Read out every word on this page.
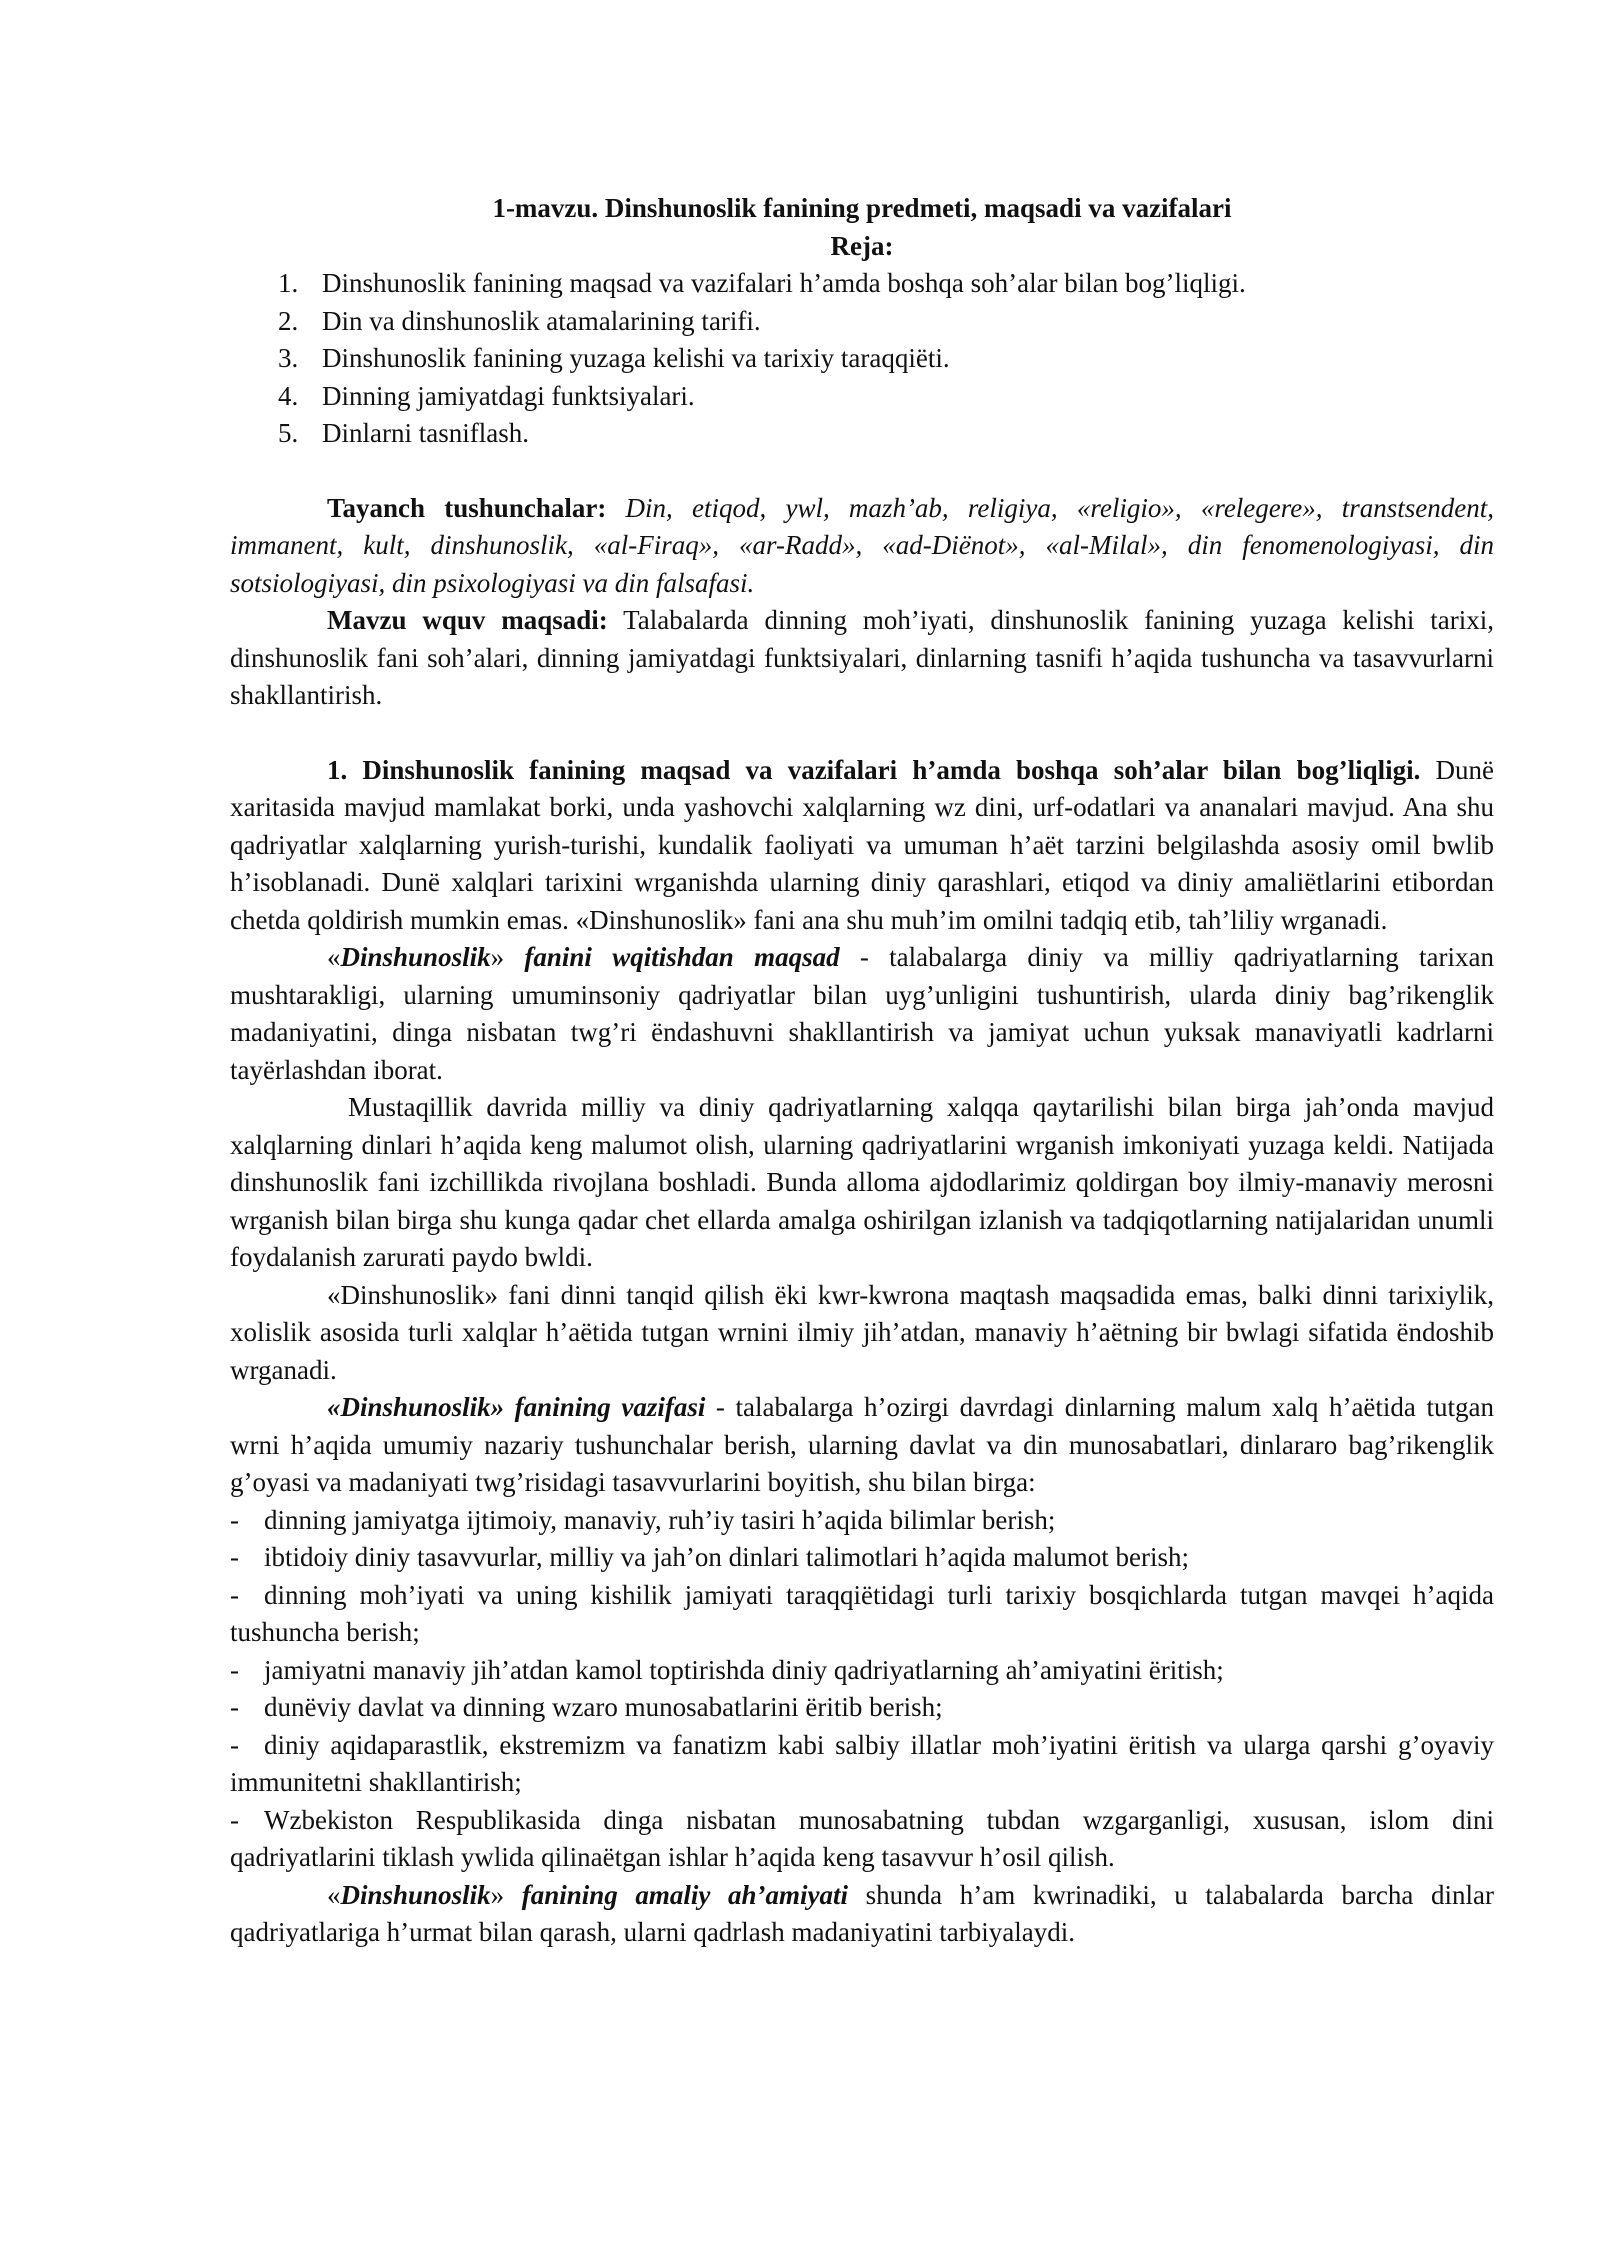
1-mavzu. Dinshunoslik fanining predmeti, maqsadi va vazifalari
Reja:
1. Dinshunoslik fanining maqsad va vazifalari h’amda boshqa soh’alar bilan bog’liqligi.
2. Din va dinshunoslik atamalarining tarifi.
3. Dinshunoslik fanining yuzaga kelishi va tarixiy taraqqiëti.
4. Dinning jamiyatdagi funktsiyalari.
5. Dinlarni tasniflash.

Tayanch tushunchalar: Din, etiqod, ywl, mazh’ab, religiya, «religio», «relegere», transtsendent, immanent, kult, dinshunoslik, «al-Firaq», «ar-Radd», «ad-Diënot», «al-Milal», din fenomenologiyasi, din sotsiologiyasi, din psixologiyasi va din falsafasi.

Mavzu wquv maqsadi: Talabalarda dinning moh’iyati, dinshunoslik fanining yuzaga kelishi tarixi, dinshunoslik fani soh’alari, dinning jamiyatdagi funktsiyalari, dinlarning tasnifi h’aqida tushuncha va tasavvurlarni shakllantirish.

1. Dinshunoslik fanining maqsad va vazifalari h’amda boshqa soh’alar bilan bog’liqligi. Dunë xaritasida mavjud mamlakat borki, unda yashovchi xalqlarning wz dini, urf-odatlari va ananalari mavjud. Ana shu qadriyatlar xalqlarning yurish-turishi, kundalik faoliyati va umuman h’aët tarzini belgilashda asosiy omil bwlib h’isoblanadi. Dunë xalqlari tarixini wrganishda ularning diniy qarashlari, etiqod va diniy amaliëtlarini etibordan chetda qoldirish mumkin emas. «Dinshunoslik» fani ana shu muh’im omilni tadqiq etib, tah’liliy wrganadi.

«Dinshunoslik» fanini wqitishdan maqsad - talabalarga diniy va milliy qadriyatlarning tarixan mushtarakligi, ularning umuminsoniy qadriyatlar bilan uyg’unligini tushuntirish, ularda diniy bag’rikenglik madaniyatini, dinga nisbatan twg’ri ëndashuvni shakllantirish va jamiyat uchun yuksak manaviyatli kadrlarni tayërlashdan iborat.

Mustaqillik davrida milliy va diniy qadriyatlarning xalqqa qaytarilishi bilan birga jah’onda mavjud xalqlarning dinlari h’aqida keng malumot olish, ularning qadriyatlarini wrganish imkoniyati yuzaga keldi. Natijada dinshunoslik fani izchillikda rivojlana boshladi. Bunda alloma ajdodlarimiz qoldirgan boy ilmiy-manaviy merosni wrganish bilan birga shu kunga qadar chet ellarda amalga oshirilgan izlanish va tadqiqotlarning natijalaridan unumli foydalanish zarurati paydo bwldi.

«Dinshunoslik» fani dinni tanqid qilish ëki kwr-kwrona maqtash maqsadida emas, balki dinni tarixiylik, xolislik asosida turli xalqlar h’aëtida tutgan wrnini ilmiy jih’atdan, manaviy h’aëtning bir bwlagi sifatida ëndoshib wrganadi.

«Dinshunoslik» fanining vazifasi - talabalarga h’ozirgi davrdagi dinlarning malum xalq h’aëtida tutgan wrni h’aqida umumiy nazariy tushunchalar berish, ularning davlat va din munosabatlari, dinlararo bag’rikenglik g’oyasi va madaniyati twg’risidagi tasavvurlarini boyitish, shu bilan birga:

- dinning jamiyatga ijtimoiy, manaviy, ruh’iy tasiri h’aqida bilimlar berish;

- ibtidoiy diniy tasavvurlar, milliy va jah’on dinlari talimotlari h’aqida malumot berish;

- dinning moh’iyati va uning kishilik jamiyati taraqqiëtidagi turli tarixiy bosqichlarda tutgan mavqei h’aqida tushuncha berish;

- jamiyatni manaviy jih’atdan kamol toptirishda diniy qadriyatlarning ah’amiyatini ëritish;

- dunëviy davlat va dinning wzaro munosabatlarini ëritib berish;

- diniy aqidaparastlik, ekstremizm va fanatizm kabi salbiy illatlar moh’iyatini ëritish va ularga qarshi g’oyaviy immunitetni shakllantirish;

- Wzbekiston Respublikasida dinga nisbatan munosabatning tubdan wzgarganligi, xususan, islom dini qadriyatlarini tiklash ywlida qilinaëtgan ishlar h’aqida keng tasavvur h’osil qilish.

«Dinshunoslik» fanining amaliy ah’amiyati shunda h’am kwrinadiki, u talabalarda barcha dinlar qadriyatlariga h’urmat bilan qarash, ularni qadrlash madaniyatini tarbiyalaydi.
